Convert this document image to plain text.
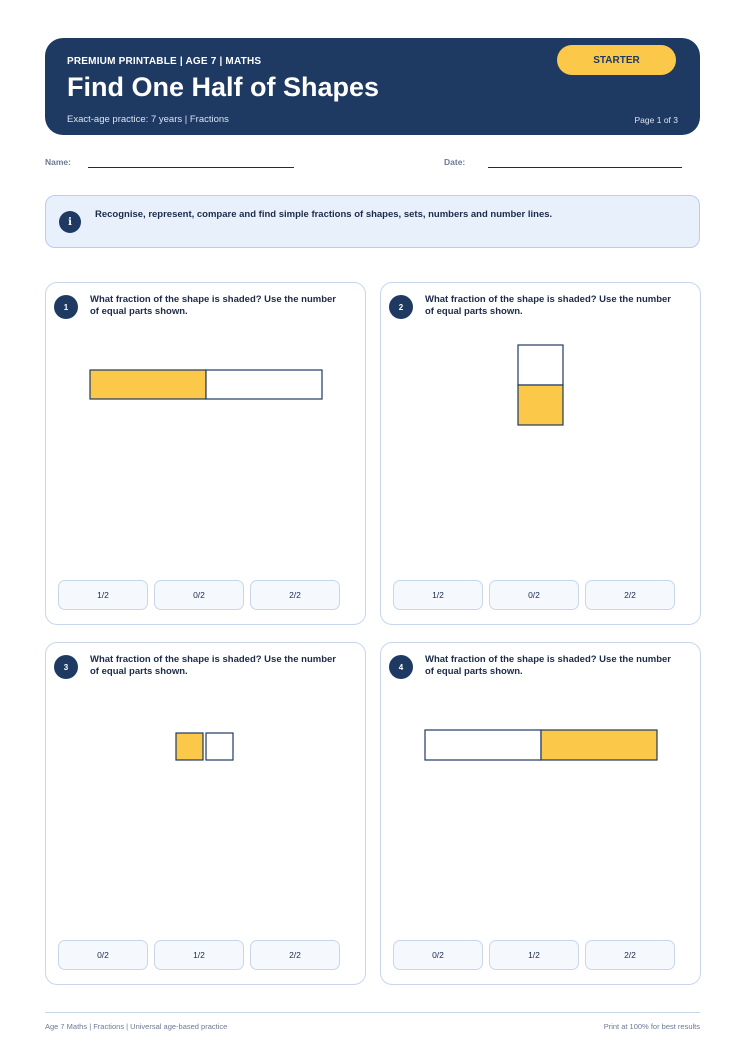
PREMIUM PRINTABLE | AGE 7 | MATHS
Find One Half of Shapes
Exact-age practice: 7 years | Fractions	Page 1 of 3
STARTER
Name:	Date:
i
Recognise, represent, compare and find simple fractions of shapes, sets, numbers and number lines.
1
What fraction of the shape is shaded? Use the number of equal parts shown.
1/2	0/2	2/2
2
What fraction of the shape is shaded? Use the number of equal parts shown.
1/2	0/2	2/2
3
What fraction of the shape is shaded? Use the number of equal parts shown.
0/2	1/2	2/2
4
What fraction of the shape is shaded? Use the number of equal parts shown.
0/2	1/2	2/2
Age 7 Maths | Fractions | Universal age-based practice	Print at 100% for best results
